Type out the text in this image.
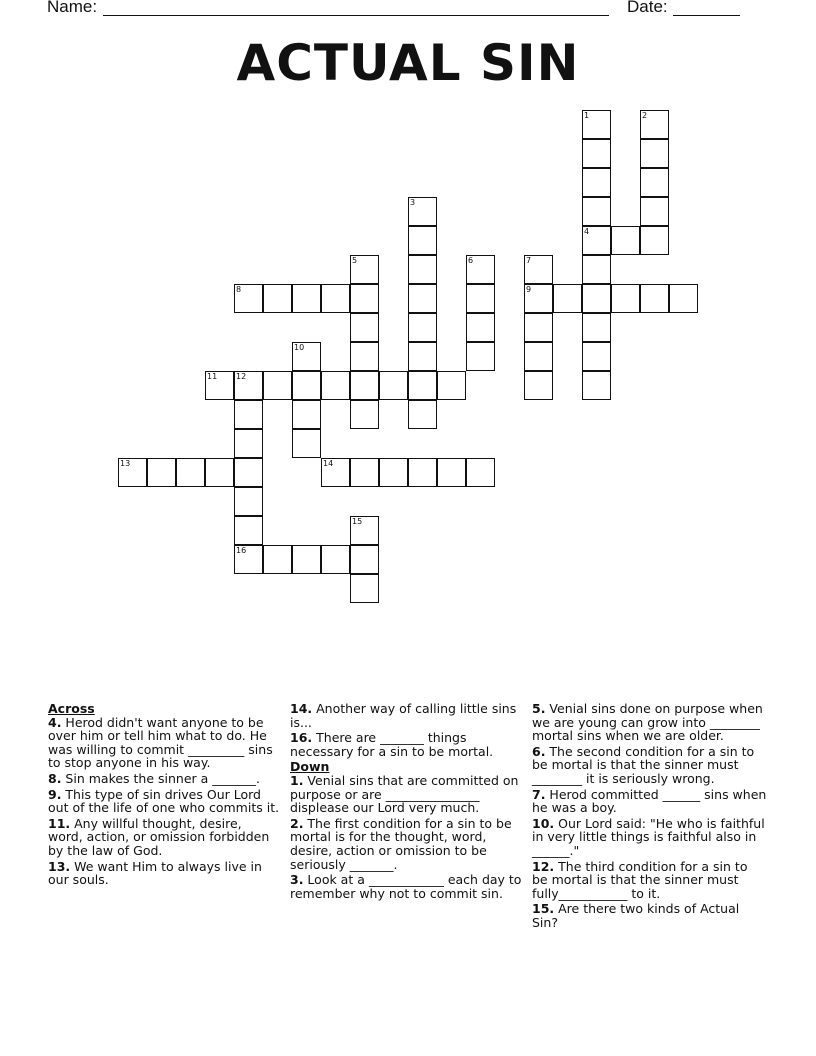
Name:	Date:
ACTUAL SIN
1	2
3
4
5	6	7
8	9
10
11 12
13	14
15
16
Across
4. Herod didn't want anyone to be over him or tell him what to do. He was willing to commit _________ sins to stop anyone in his way.
8. Sin makes the sinner a _______.
9. This type of sin drives Our Lord out of the life of one who commits it.
11. Any willful thought, desire, word, action, or omission forbidden by the law of God.
13. We want Him to always live in our souls.
14. Another way of calling little sins is...
16. There are _______ things necessary for a sin to be mortal.
Down
1. Venial sins that are committed on purpose or are _______________ displease our Lord very much.
2. The first condition for a sin to be mortal is for the thought, word, desire, action or omission to be seriously _______.
3. Look at a ____________ each day to remember why not to commit sin.
5. Venial sins done on purpose when we are young can grow into ________ mortal sins when we are older.
6. The second condition for a sin to be mortal is that the sinner must ________ it is seriously wrong.
7. Herod committed ______ sins when he was a boy.
10. Our Lord said: "He who is faithful in very little things is faithful also in ______."
12. The third condition for a sin to be mortal is that the sinner must fully___________ to it.
15. Are there two kinds of Actual Sin?
